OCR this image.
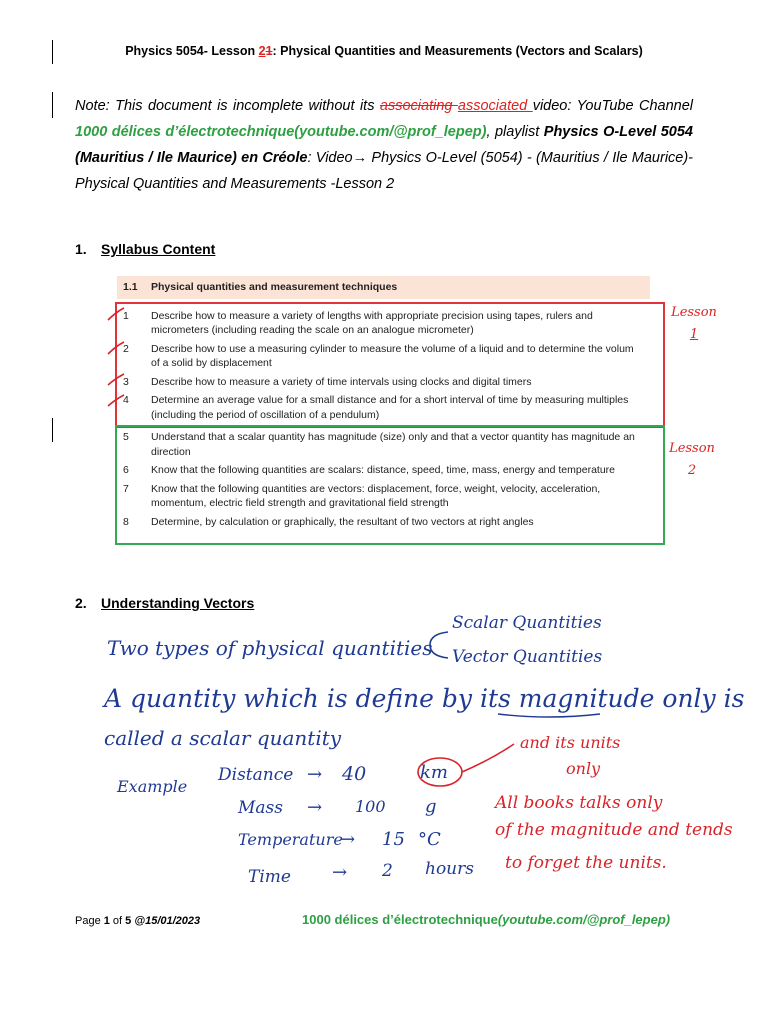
Physics 5054- Lesson 21: Physical Quantities and Measurements (Vectors and Scalars)
Note: This document is incomplete without its associating associated video: YouTube Channel 1000 délices d’électrotechnique(youtube.com/@prof_lepep), playlist Physics O-Level 5054 (Mauritius / Ile Maurice) en Créole: Video→ Physics O-Level (5054) - (Mauritius / Ile Maurice)- Physical Quantities and Measurements -Lesson 2
1. Syllabus Content
1.1	Physical quantities and measurement techniques
1	Describe how to measure a variety of lengths with appropriate precision using tapes, rulers and micrometers (including reading the scale on an analogue micrometer)
2	Describe how to use a measuring cylinder to measure the volume of a liquid and to determine the volum of a solid by displacement
3	Describe how to measure a variety of time intervals using clocks and digital timers
4	Determine an average value for a small distance and for a short interval of time by measuring multiples (including the period of oscillation of a pendulum)
5	Understand that a scalar quantity has magnitude (size) only and that a vector quantity has magnitude an direction
6	Know that the following quantities are scalars: distance, speed, time, mass, energy and temperature
7	Know that the following quantities are vectors: displacement, force, weight, velocity, acceleration, momentum, electric field strength and gravitational field strength
8	Determine, by calculation or graphically, the resultant of two vectors at right angles
Lesson
1
Lesson
2
2. Understanding Vectors
Two types of physical quantities
Scalar Quantities
Vector Quantities
A quantity which is define by its magnitude only is
called a scalar quantity
Example
Distance → 40	km
and its units
only
Mass → 100 g
Temperature
→ 15 °C
Time → 2 hours
All books talks only
of the magnitude and tends
to forget the units.
Page 1 of 5 @15/01/2023	1000 délices d’électrotechnique(youtube.com/@prof_lepep)
